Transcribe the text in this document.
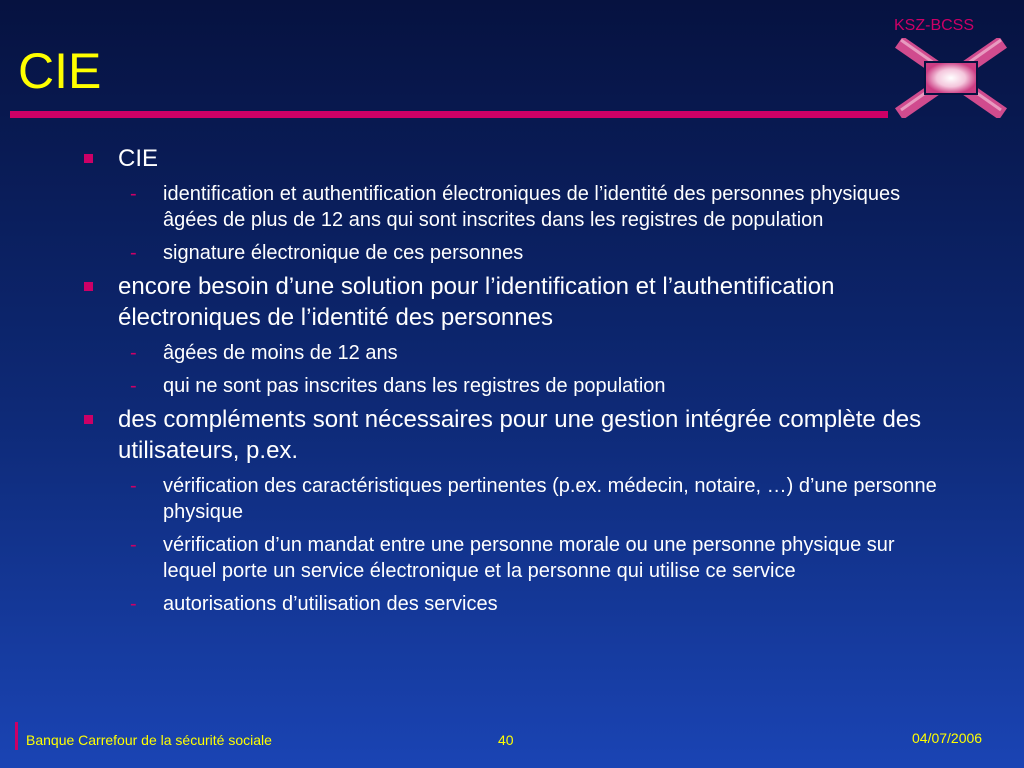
CIE
KSZ-BCSS
CIE
- identification et authentification électroniques de l’identité des personnes physiques âgées de plus de 12 ans qui sont inscrites dans les registres de population
- signature électronique de ces personnes
encore besoin d’une solution pour l’identification et l’authentification électroniques de l’identité des personnes
- âgées de moins de 12 ans
- qui ne sont pas inscrites dans les registres de population
des compléments sont nécessaires pour une gestion intégrée complète des utilisateurs, p.ex.
- vérification des caractéristiques pertinentes (p.ex. médecin, notaire, …) d’une personne physique
- vérification d’un mandat entre une personne morale ou une personne physique sur lequel porte un service électronique et la personne qui utilise ce service
- autorisations d’utilisation des services
Banque Carrefour de la sécurité sociale	40	04/07/2006
